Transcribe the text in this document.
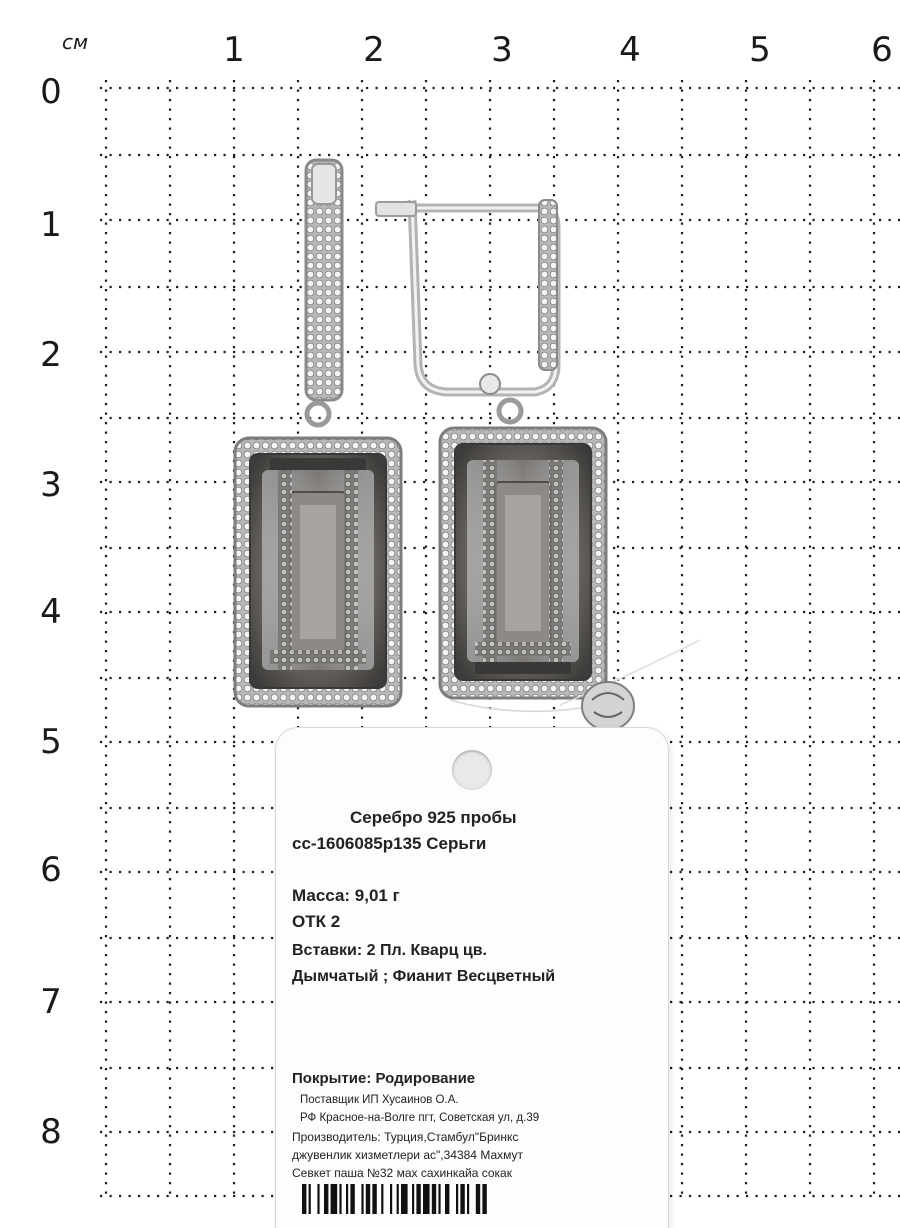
см	1	2	3	4	5	6
0
1
2
3
4
5
6
7
8
Серебро 925 пробы
сс-1606085р135 Серьги
Масса: 9,01 г
ОТК 2
Вставки: 2 Пл. Кварц цв.
Дымчатый ; Фианит Весцветный
Покрытие: Родирование
Поставщик ИП Хусаинов О.А.
РФ Красное-на-Волге пгт, Советская ул, д.39
Производитель: Турция,Стамбул"Бринкс
джувенлик хизметлери ас",34384 Махмут
Севкет паша №32 мах сахинкайа сокак
